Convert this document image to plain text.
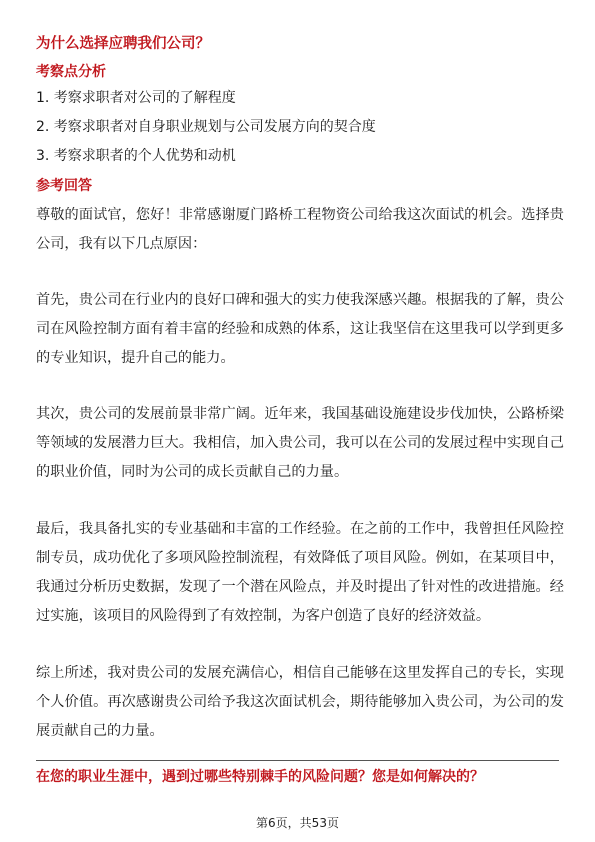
为什么选择应聘我们公司？
考察点分析
1. 考察求职者对公司的了解程度
2. 考察求职者对自身职业规划与公司发展方向的契合度
3. 考察求职者的个人优势和动机
参考回答
尊敬的面试官，您好！非常感谢厦门路桥工程物资公司给我这次面试的机会。选择贵公司，我有以下几点原因：
首先，贵公司在行业内的良好口碑和强大的实力使我深感兴趣。根据我的了解，贵公司在风险控制方面有着丰富的经验和成熟的体系，这让我坚信在这里我可以学到更多的专业知识，提升自己的能力。
其次，贵公司的发展前景非常广阔。近年来，我国基础设施建设步伐加快，公路桥梁等领域的发展潜力巨大。我相信，加入贵公司，我可以在公司的发展过程中实现自己的职业价值，同时为公司的成长贡献自己的力量。
最后，我具备扎实的专业基础和丰富的工作经验。在之前的工作中，我曾担任风险控制专员，成功优化了多项风险控制流程，有效降低了项目风险。例如，在某项目中，我通过分析历史数据，发现了一个潜在风险点，并及时提出了针对性的改进措施。经过实施，该项目的风险得到了有效控制，为客户创造了良好的经济效益。
综上所述，我对贵公司的发展充满信心，相信自己能够在这里发挥自己的专长，实现个人价值。再次感谢贵公司给予我这次面试机会，期待能够加入贵公司，为公司的发展贡献自己的力量。
在您的职业生涯中，遇到过哪些特别棘手的风险问题？您是如何解决的？
第6页，共53页
